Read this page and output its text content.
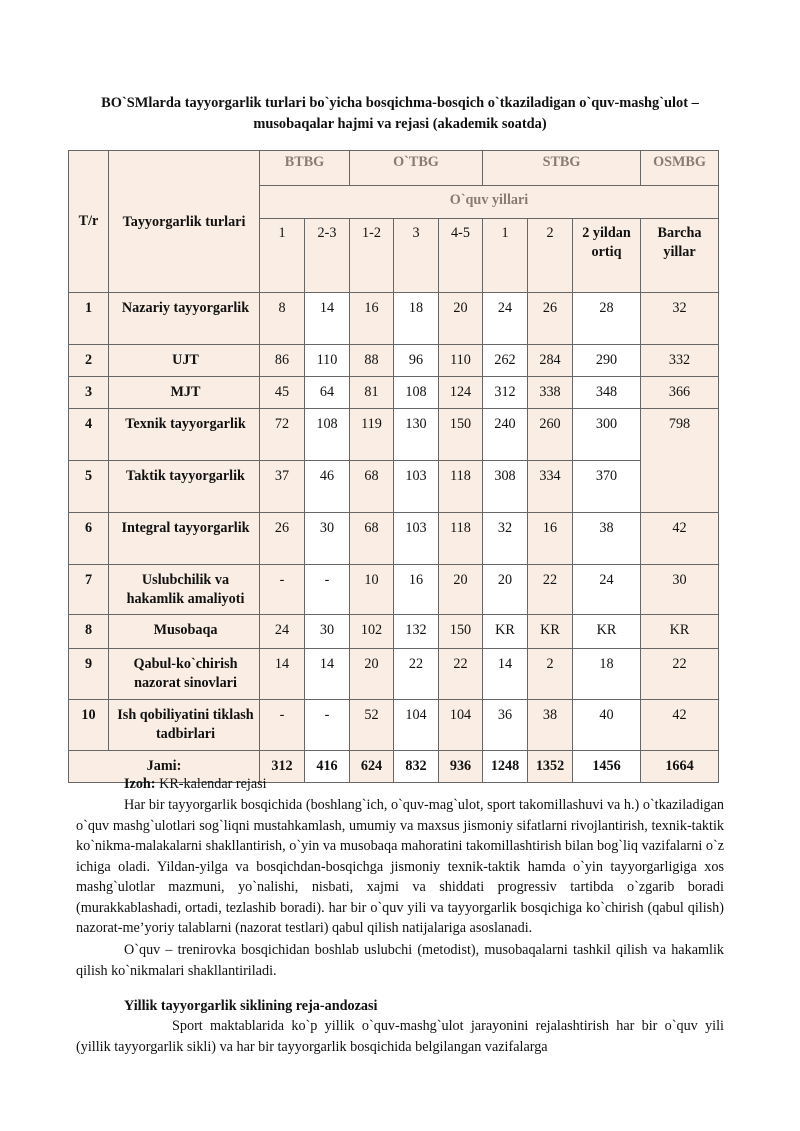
BO`SMlarda tayyorgarlik turlari bo`yicha bosqichma-bosqich o`tkaziladigan o`quv-mashg`ulot – musobaqalar hajmi va rejasi (akademik soatda)

T/r	Tayyorgarlik turlari	BTBG		O`TBG			STBG			OSMBG
		O`quv yillari								
		1	2-3	1-2	3	4-5	1	2	2 yildan ortiq	Barcha yillar
1	Nazariy tayyorgarlik	8	14	16	18	20	24	26	28	32
2	UJT	86	110	88	96	110	262	284	290	332
3	MJT	45	64	81	108	124	312	338	348	366
4	Texnik tayyorgarlik	72	108	119	130	150	240	260	300	798
5	Taktik tayyorgarlik	37	46	68	103	118	308	334	370	
6	Integral tayyorgarlik	26	30	68	103	118	32	16	38	42
7	Uslubchilik va hakamlik amaliyoti	-	-	10	16	20	20	22	24	30
8	Musobaqa	24	30	102	132	150	KR	KR	KR	KR
9	Qabul-ko`chirish nazorat sinovlari	14	14	20	22	22	14	2	18	22
10	Ish qobiliyatini tiklash tadbirlari	-	-	52	104	104	36	38	40	42
Jami:		312	416	624	832	936	1248	1352	1456	1664

Izoh: KR-kalendar rejasi

Har bir tayyorgarlik bosqichida (boshlang`ich, o`quv-mag`ulot, sport takomillashuvi va h.) o`tkaziladigan o`quv mashg`ulotlari sog`liqni mustahkamlash, umumiy va maxsus jismoniy sifatlarni rivojlantirish, texnik-taktik ko`nikma-malakalarni shakllantirish, o`yin va musobaqa mahoratini takomillashtirish bilan bog`liq vazifalarni o`z ichiga oladi. Yildan-yilga va bosqichdan-bosqichga jismoniy texnik-taktik hamda o`yin tayyorgarligiga xos mashg`ulotlar mazmuni, yo`nalishi, nisbati, xajmi va shiddati progressiv tartibda o`zgarib boradi (murakkablashadi, ortadi, tezlashib boradi). har bir o`quv yili va tayyorgarlik bosqichiga ko`chirish (qabul qilish) nazorat-me’yoriy talablarni (nazorat testlari) qabul qilish natijalariga asoslanadi.

O`quv – trenirovka bosqichidan boshlab uslubchi (metodist), musobaqalarni tashkil qilish va hakamlik qilish ko`nikmalari shakllantiriladi.

Yillik tayyorgarlik siklining reja-andozasi

Sport maktablarida ko`p yillik o`quv-mashg`ulot jarayonini rejalashtirish har bir o`quv yili (yillik tayyorgarlik sikli) va har bir tayyorgarlik bosqichida belgilangan vazifalarga
